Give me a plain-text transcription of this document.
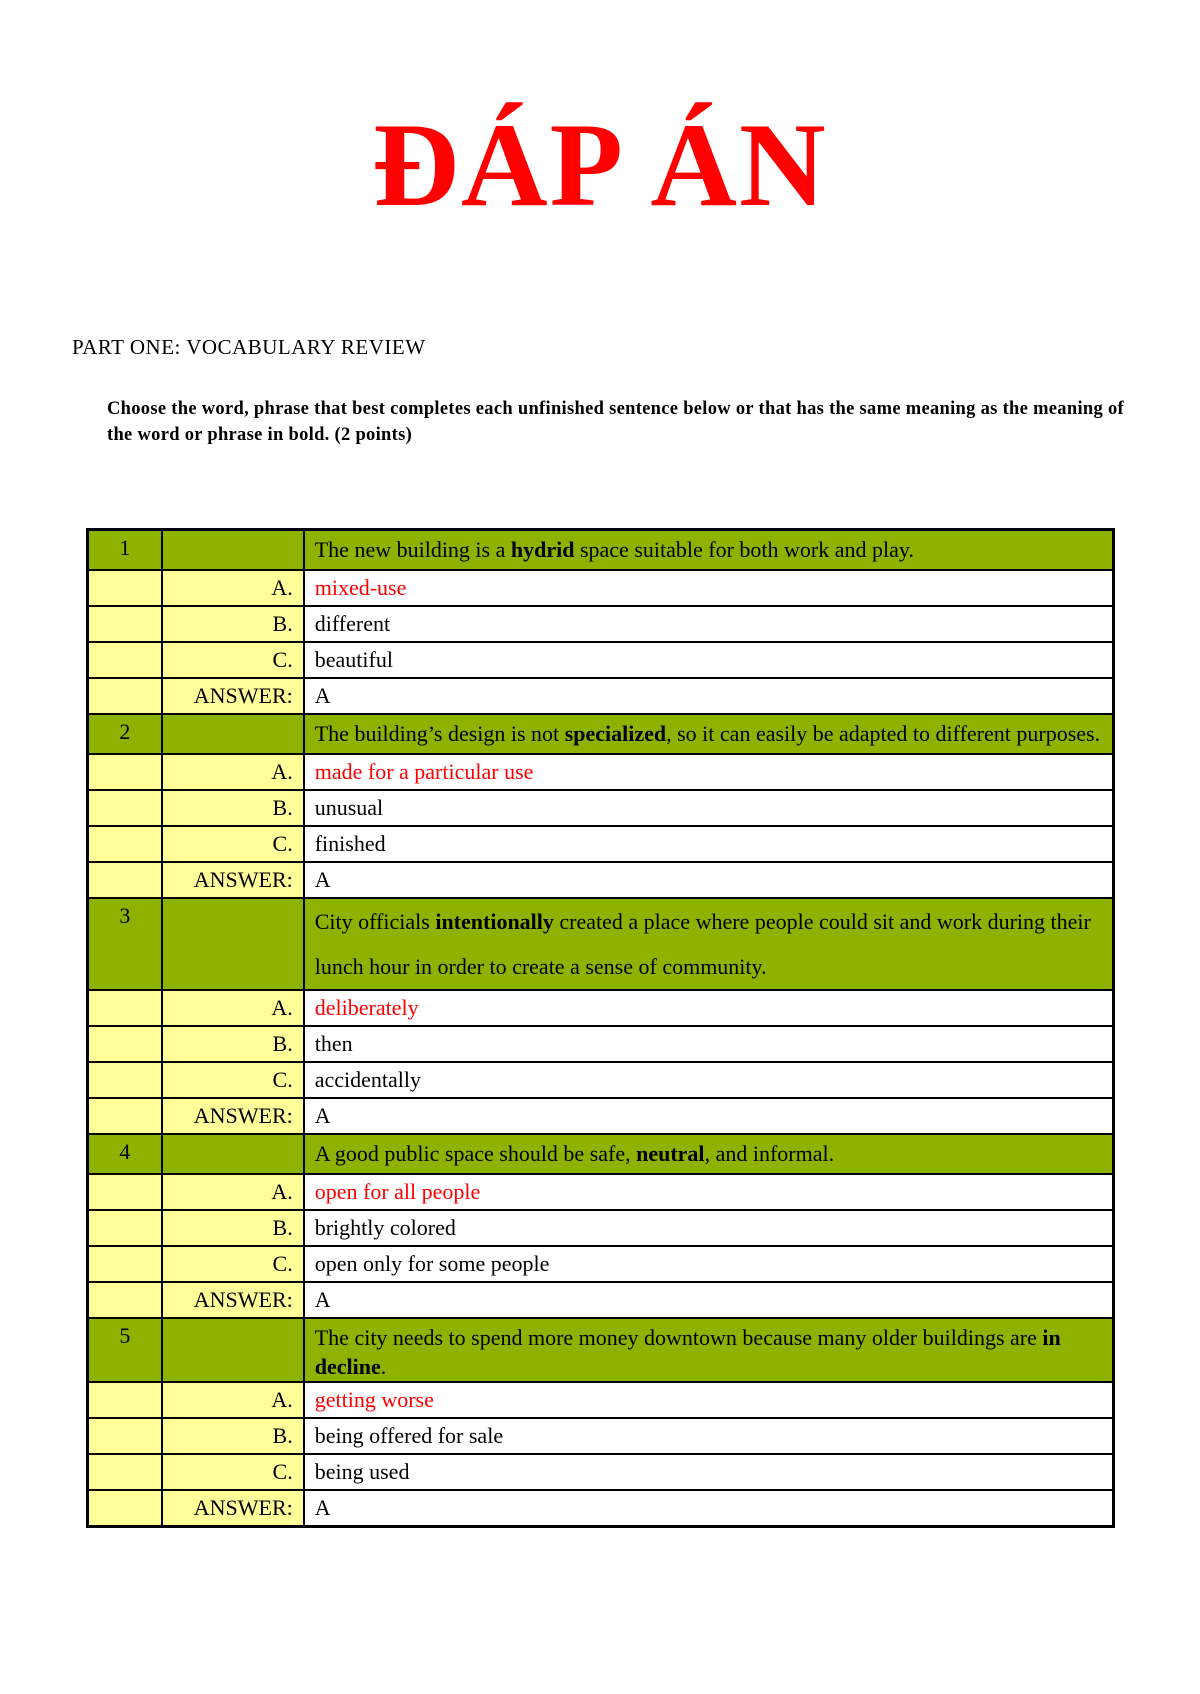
ĐÁP ÁN
PART ONE: VOCABULARY REVIEW
Choose the word, phrase that best completes each unfinished sentence below or that has the same meaning as the meaning of the word or phrase in bold. (2 points)
1		The new building is a hydrid space suitable for both work and play.
	A.	mixed-use
	B.	different
	C.	beautiful
	ANSWER:	A
2		The building’s design is not specialized, so it can easily be adapted to different purposes.
	A.	made for a particular use
	B.	unusual
	C.	finished
	ANSWER:	A
3		City officials intentionally created a place where people could sit and work during their lunch hour in order to create a sense of community.
	A.	deliberately
	B.	then
	C.	accidentally
	ANSWER:	A
4		A good public space should be safe, neutral, and informal.
	A.	open for all people
	B.	brightly colored
	C.	open only for some people
	ANSWER:	A
5		The city needs to spend more money downtown because many older buildings are in decline.
	A.	getting worse
	B.	being offered for sale
	C.	being used
	ANSWER:	A
